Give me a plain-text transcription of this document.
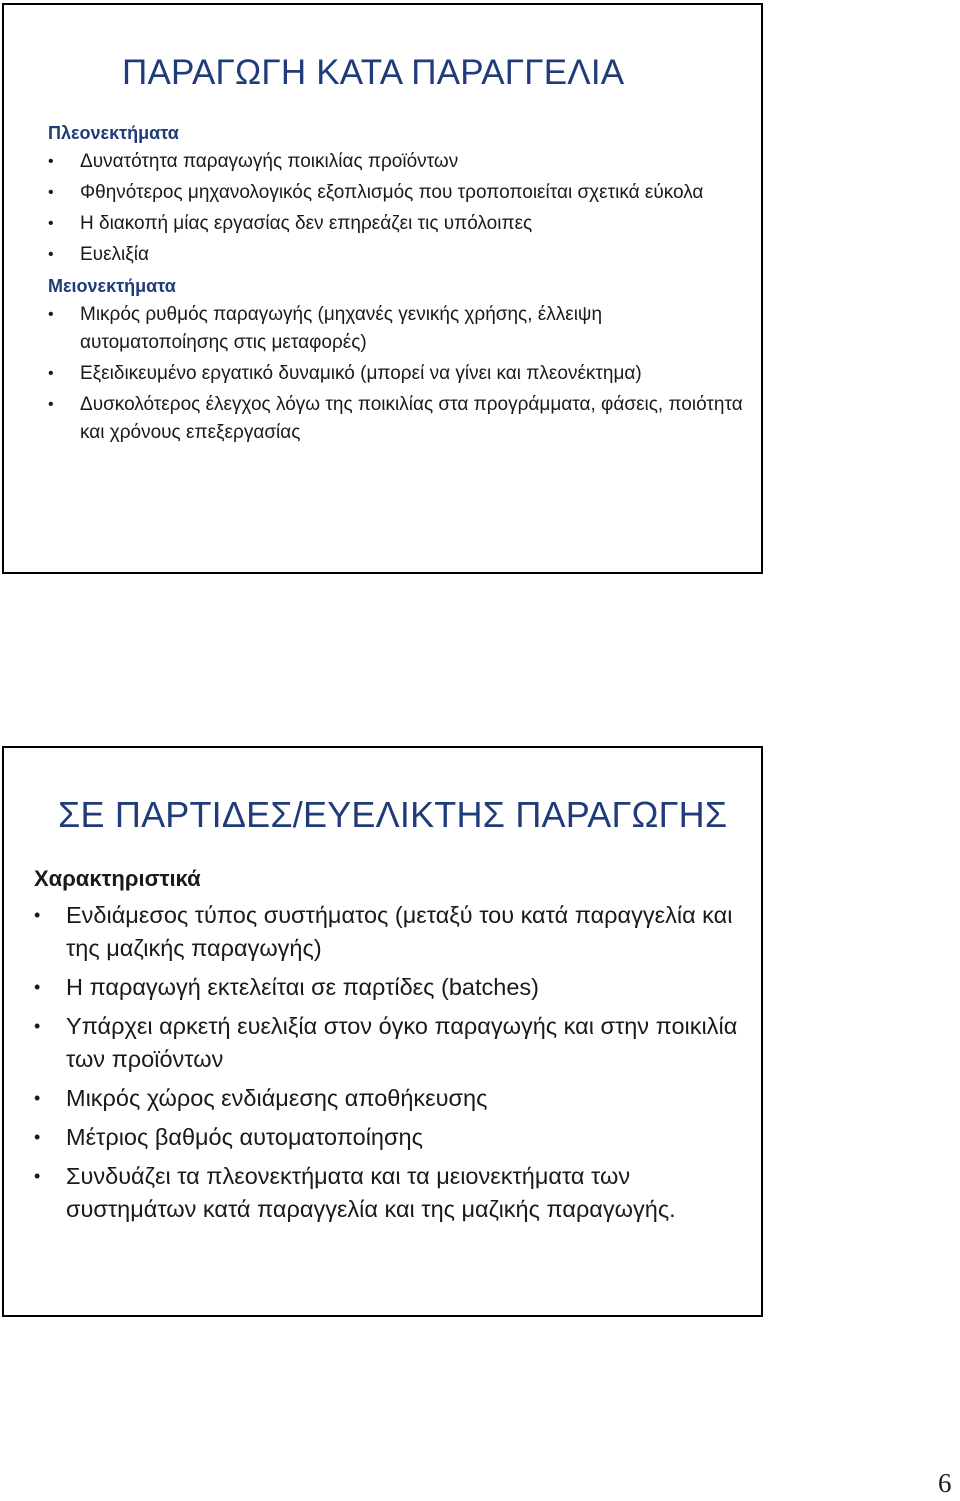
ΠΑΡΑΓΩΓΗ ΚΑΤΑ ΠΑΡΑΓΓΕΛΙΑ

Πλεονεκτήματα

• Δυνατότητα παραγωγής ποικιλίας προϊόντων
• Φθηνότερος μηχανολογικός εξοπλισμός που τροποποιείται σχετικά εύκολα
• Η διακοπή μίας εργασίας δεν επηρεάζει τις υπόλοιπες
• Ευελιξία

Μειονεκτήματα

• Μικρός ρυθμός παραγωγής (μηχανές γενικής χρήσης, έλλειψη αυτοματοποίησης στις μεταφορές)
• Εξειδικευμένο εργατικό δυναμικό (μπορεί να γίνει και πλεονέκτημα)
• Δυσκολότερος έλεγχος λόγω της ποικιλίας στα προγράμματα, φάσεις, ποιότητα και χρόνους επεξεργασίας
ΣΕ ΠΑΡΤΙΔΕΣ/ΕΥΕΛΙΚΤΗΣ ΠΑΡΑΓΩΓΗΣ

Χαρακτηριστικά

• Ενδιάμεσος τύπος συστήματος (μεταξύ του κατά παραγγελία και της μαζικής παραγωγής)
• Η παραγωγή εκτελείται σε παρτίδες (batches)
• Υπάρχει αρκετή ευελιξία στον όγκο παραγωγής και στην ποικιλία των προϊόντων
• Μικρός χώρος ενδιάμεσης αποθήκευσης
• Μέτριος βαθμός αυτοματοποίησης
• Συνδυάζει τα πλεονεκτήματα και τα μειονεκτήματα των συστημάτων κατά παραγγελία και της μαζικής παραγωγής.
6
